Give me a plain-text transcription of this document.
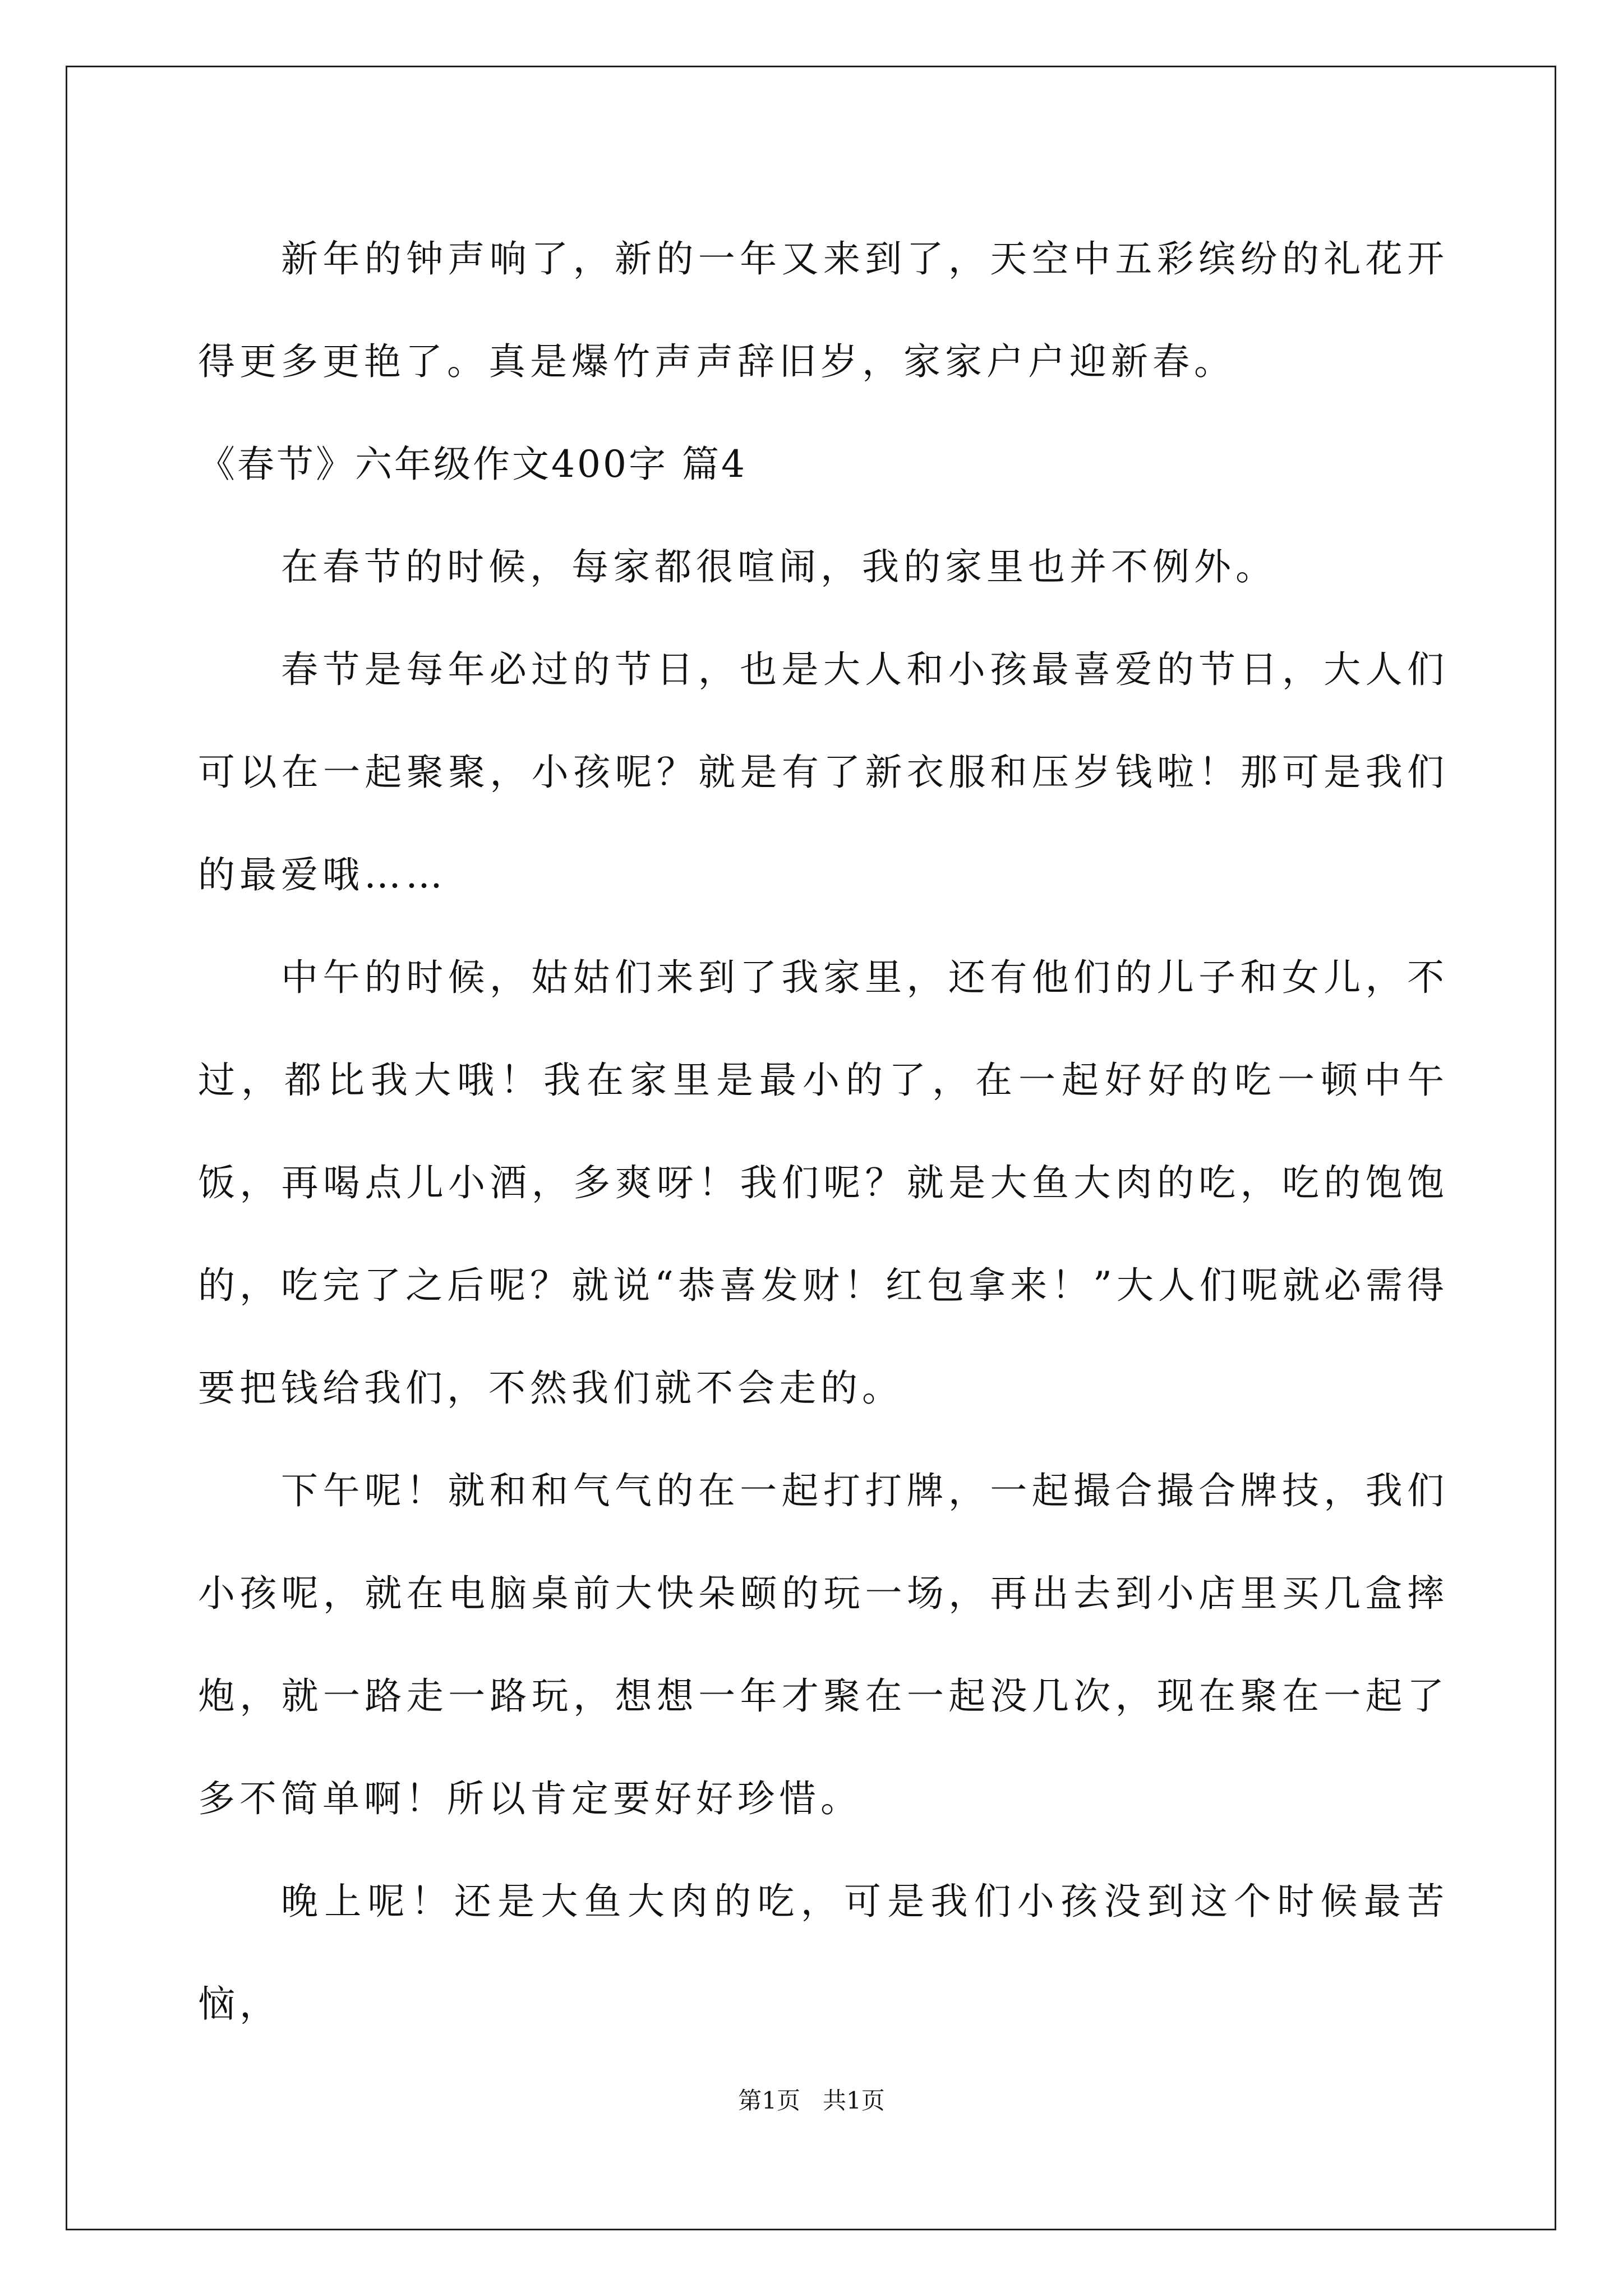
新年的钟声响了，新的一年又来到了，天空中五彩缤纷的礼花开得更多更艳了。真是爆竹声声辞旧岁，家家户户迎新春。

《春节》六年级作文400字 篇4

在春节的时候，每家都很喧闹，我的家里也并不例外。

春节是每年必过的节日，也是大人和小孩最喜爱的节日，大人们可以在一起聚聚，小孩呢？就是有了新衣服和压岁钱啦！那可是我们的最爱哦……

中午的时候，姑姑们来到了我家里，还有他们的儿子和女儿，不过，都比我大哦！我在家里是最小的了，在一起好好的吃一顿中午饭，再喝点儿小酒，多爽呀！我们呢？就是大鱼大肉的吃，吃的饱饱的，吃完了之后呢？就说“恭喜发财！红包拿来！”大人们呢就必需得要把钱给我们，不然我们就不会走的。

下午呢！就和和气气的在一起打打牌，一起撮合撮合牌技，我们小孩呢，就在电脑桌前大快朵颐的玩一场，再出去到小店里买几盒摔炮，就一路走一路玩，想想一年才聚在一起没几次，现在聚在一起了多不简单啊！所以肯定要好好珍惜。

晚上呢！还是大鱼大肉的吃，可是我们小孩没到这个时候最苦恼，

第1页 共1页
